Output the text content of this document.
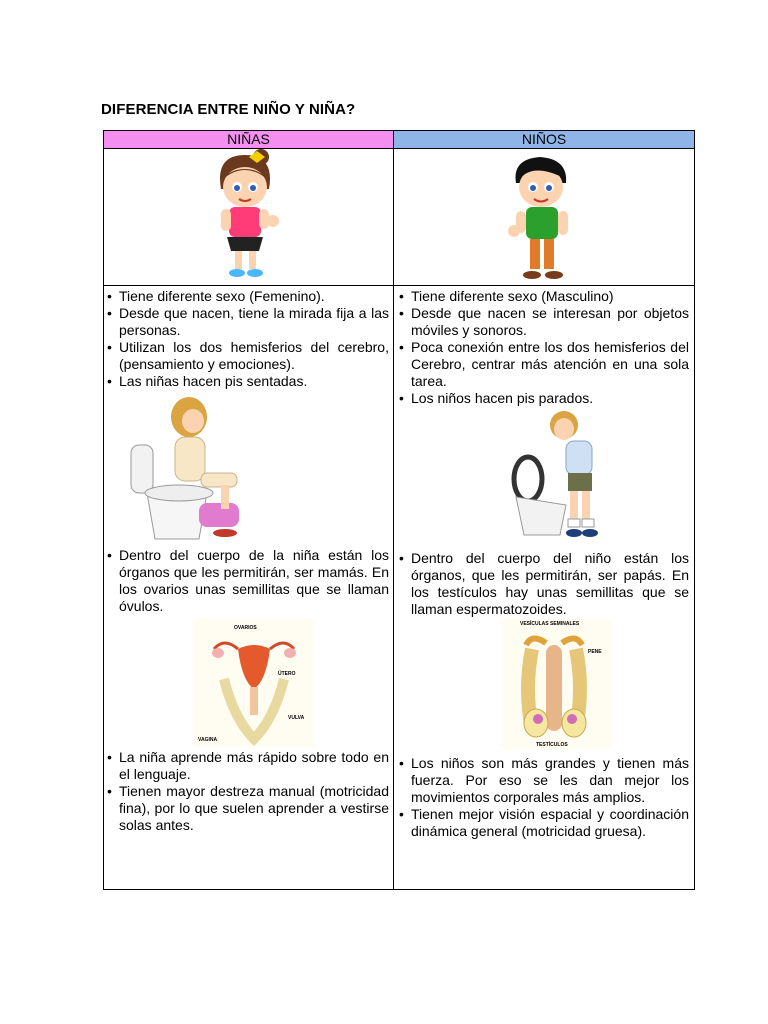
DIFERENCIA ENTRE NIÑO Y NIÑA?
NIÑAS	NIÑOS
• Tiene diferente sexo (Femenino).
• Desde que nacen, tiene la mirada fija a las personas.
• Utilizan los dos hemisferios del cerebro, (pensamiento y emociones).
• Las niñas hacen pis sentadas.
• Dentro del cuerpo de la niña están los órganos que les permitirán, ser mamás. En los ovarios unas semillitas que se llaman óvulos.
OVARIOS
ÚTERO
VULVA
VAGINA
• La niña aprende más rápido sobre todo en el lenguaje.
• Tienen mayor destreza manual (motricidad fina), por lo que suelen aprender a vestirse solas antes.
• Tiene diferente sexo (Masculino)
• Desde que nacen se interesan por objetos móviles y sonoros.
• Poca conexión entre los dos hemisferios del Cerebro, centrar más atención en una sola tarea.
• Los niños hacen pis parados.
• Dentro del cuerpo del niño están los órganos, que les permitirán, ser papás. En los testículos hay unas semillitas que se llaman espermatozoides.
VESÍCULAS SEMINALES
PENE
TESTÍCULOS
• Los niños son más grandes y tienen más fuerza. Por eso se les dan mejor los movimientos corporales más amplios.
• Tienen mejor visión espacial y coordinación dinámica general (motricidad gruesa).
